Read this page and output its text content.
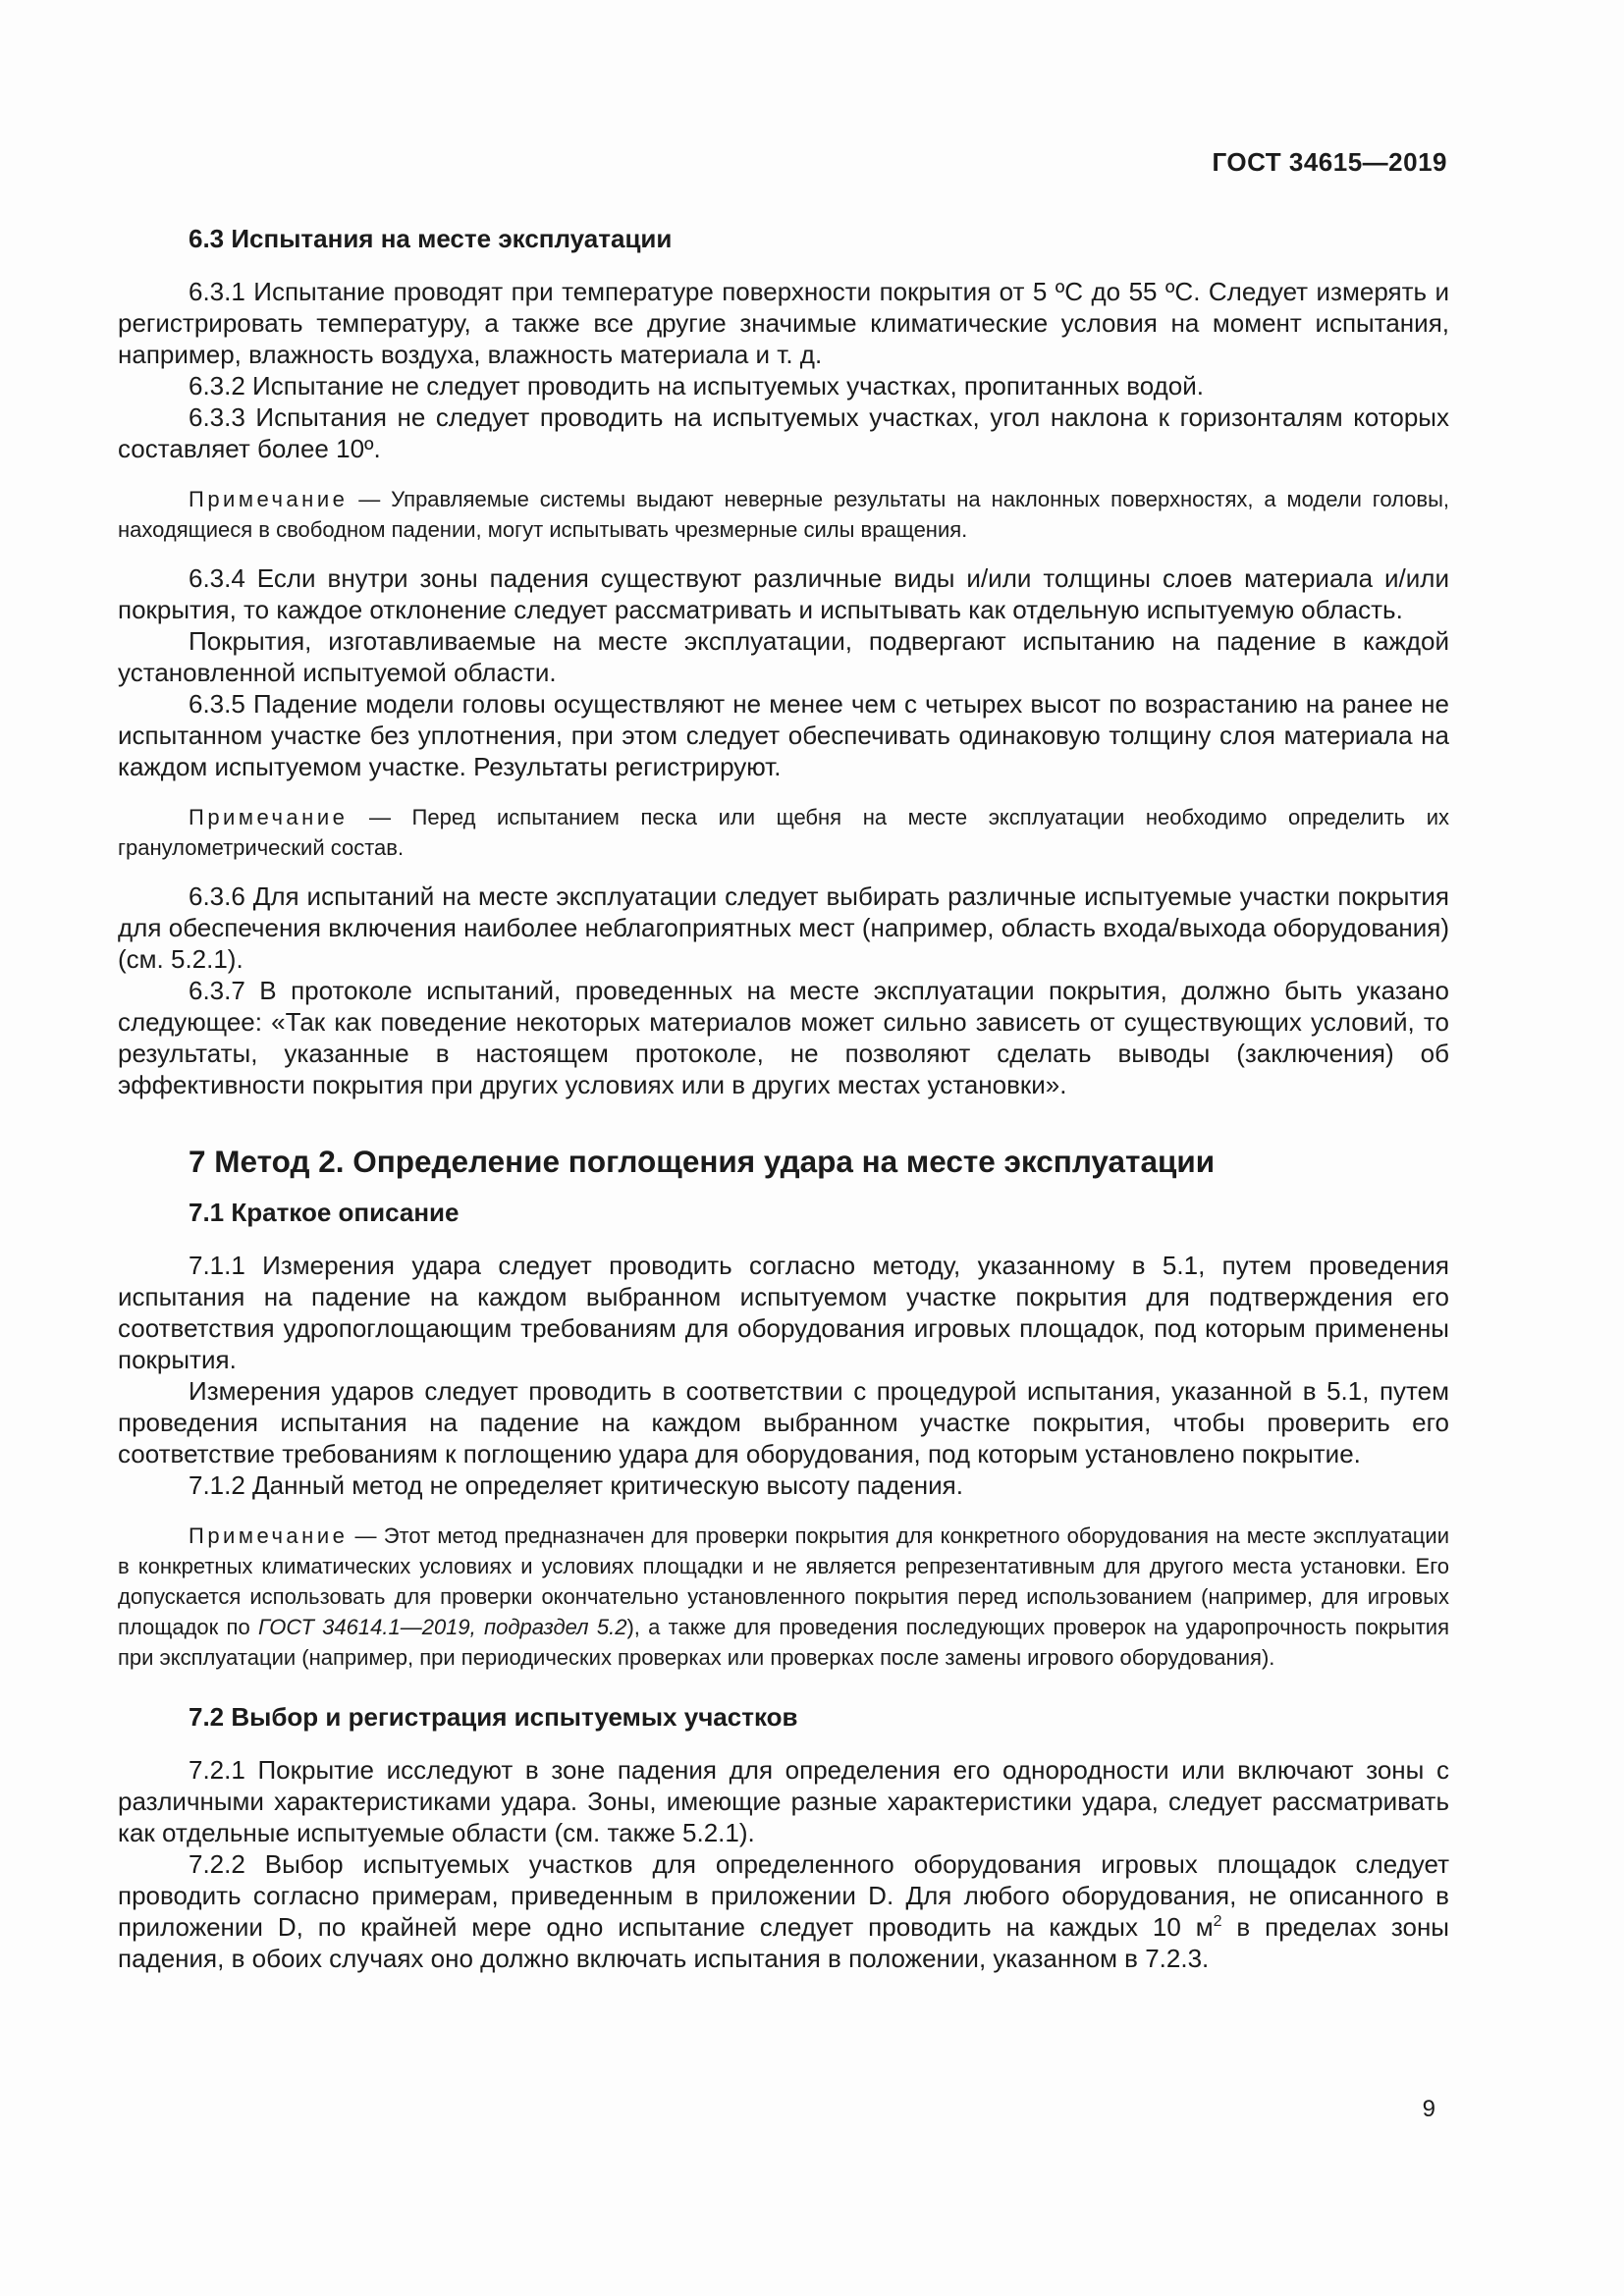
ГОСТ 34615—2019
6.3 Испытания на месте эксплуатации

6.3.1 Испытание проводят при температуре поверхности покрытия от 5 ºС до 55 ºС. Следует измерять и регистрировать температуру, а также все другие значимые климатические условия на момент испытания, например, влажность воздуха, влажность материала и т. д.

6.3.2 Испытание не следует проводить на испытуемых участках, пропитанных водой.

6.3.3 Испытания не следует проводить на испытуемых участках, угол наклона к горизонталям которых составляет более 10º.

Примечание — Управляемые системы выдают неверные результаты на наклонных поверхностях, а модели головы, находящиеся в свободном падении, могут испытывать чрезмерные силы вращения.

6.3.4 Если внутри зоны падения существуют различные виды и/или толщины слоев материала и/или покрытия, то каждое отклонение следует рассматривать и испытывать как отдельную испытуемую область.

Покрытия, изготавливаемые на месте эксплуатации, подвергают испытанию на падение в каждой установленной испытуемой области.

6.3.5 Падение модели головы осуществляют не менее чем с четырех высот по возрастанию на ранее не испытанном участке без уплотнения, при этом следует обеспечивать одинаковую толщину слоя материала на каждом испытуемом участке. Результаты регистрируют.

Примечание — Перед испытанием песка или щебня на месте эксплуатации необходимо определить их гранулометрический состав.

6.3.6 Для испытаний на месте эксплуатации следует выбирать различные испытуемые участки покрытия для обеспечения включения наиболее неблагоприятных мест (например, область входа/выхода оборудования) (см. 5.2.1).

6.3.7 В протоколе испытаний, проведенных на месте эксплуатации покрытия, должно быть указано следующее: «Так как поведение некоторых материалов может сильно зависеть от существующих условий, то результаты, указанные в настоящем протоколе, не позволяют сделать выводы (заключения) об эффективности покрытия при других условиях или в других местах установки».

7 Метод 2. Определение поглощения удара на месте эксплуатации
7.1 Краткое описание

7.1.1 Измерения удара следует проводить согласно методу, указанному в 5.1, путем проведения испытания на падение на каждом выбранном испытуемом участке покрытия для подтверждения его соответствия удропоглощающим требованиям для оборудования игровых площадок, под которым применены покрытия.

Измерения ударов следует проводить в соответствии с процедурой испытания, указанной в 5.1, путем проведения испытания на падение на каждом выбранном участке покрытия, чтобы проверить его соответствие требованиям к поглощению удара для оборудования, под которым установлено покрытие.

7.1.2 Данный метод не определяет критическую высоту падения.

Примечание — Этот метод предназначен для проверки покрытия для конкретного оборудования на месте эксплуатации в конкретных климатических условиях и условиях площадки и не является репрезентативным для другого места установки. Его допускается использовать для проверки окончательно установленного покрытия перед использованием (например, для игровых площадок по ГОСТ 34614.1—2019, подраздел 5.2), а также для проведения последующих проверок на ударопрочность покрытия при эксплуатации (например, при периодических проверках или проверках после замены игрового оборудования).

7.2 Выбор и регистрация испытуемых участков

7.2.1 Покрытие исследуют в зоне падения для определения его однородности или включают зоны с различными характеристиками удара. Зоны, имеющие разные характеристики удара, следует рассматривать как отдельные испытуемые области (см. также 5.2.1).

7.2.2 Выбор испытуемых участков для определенного оборудования игровых площадок следует проводить согласно примерам, приведенным в приложении D. Для любого оборудования, не описанного в приложении D, по крайней мере одно испытание следует проводить на каждых 10 $м^2$ в пределах зоны падения, в обоих случаях оно должно включать испытания в положении, указанном в 7.2.3.

9
